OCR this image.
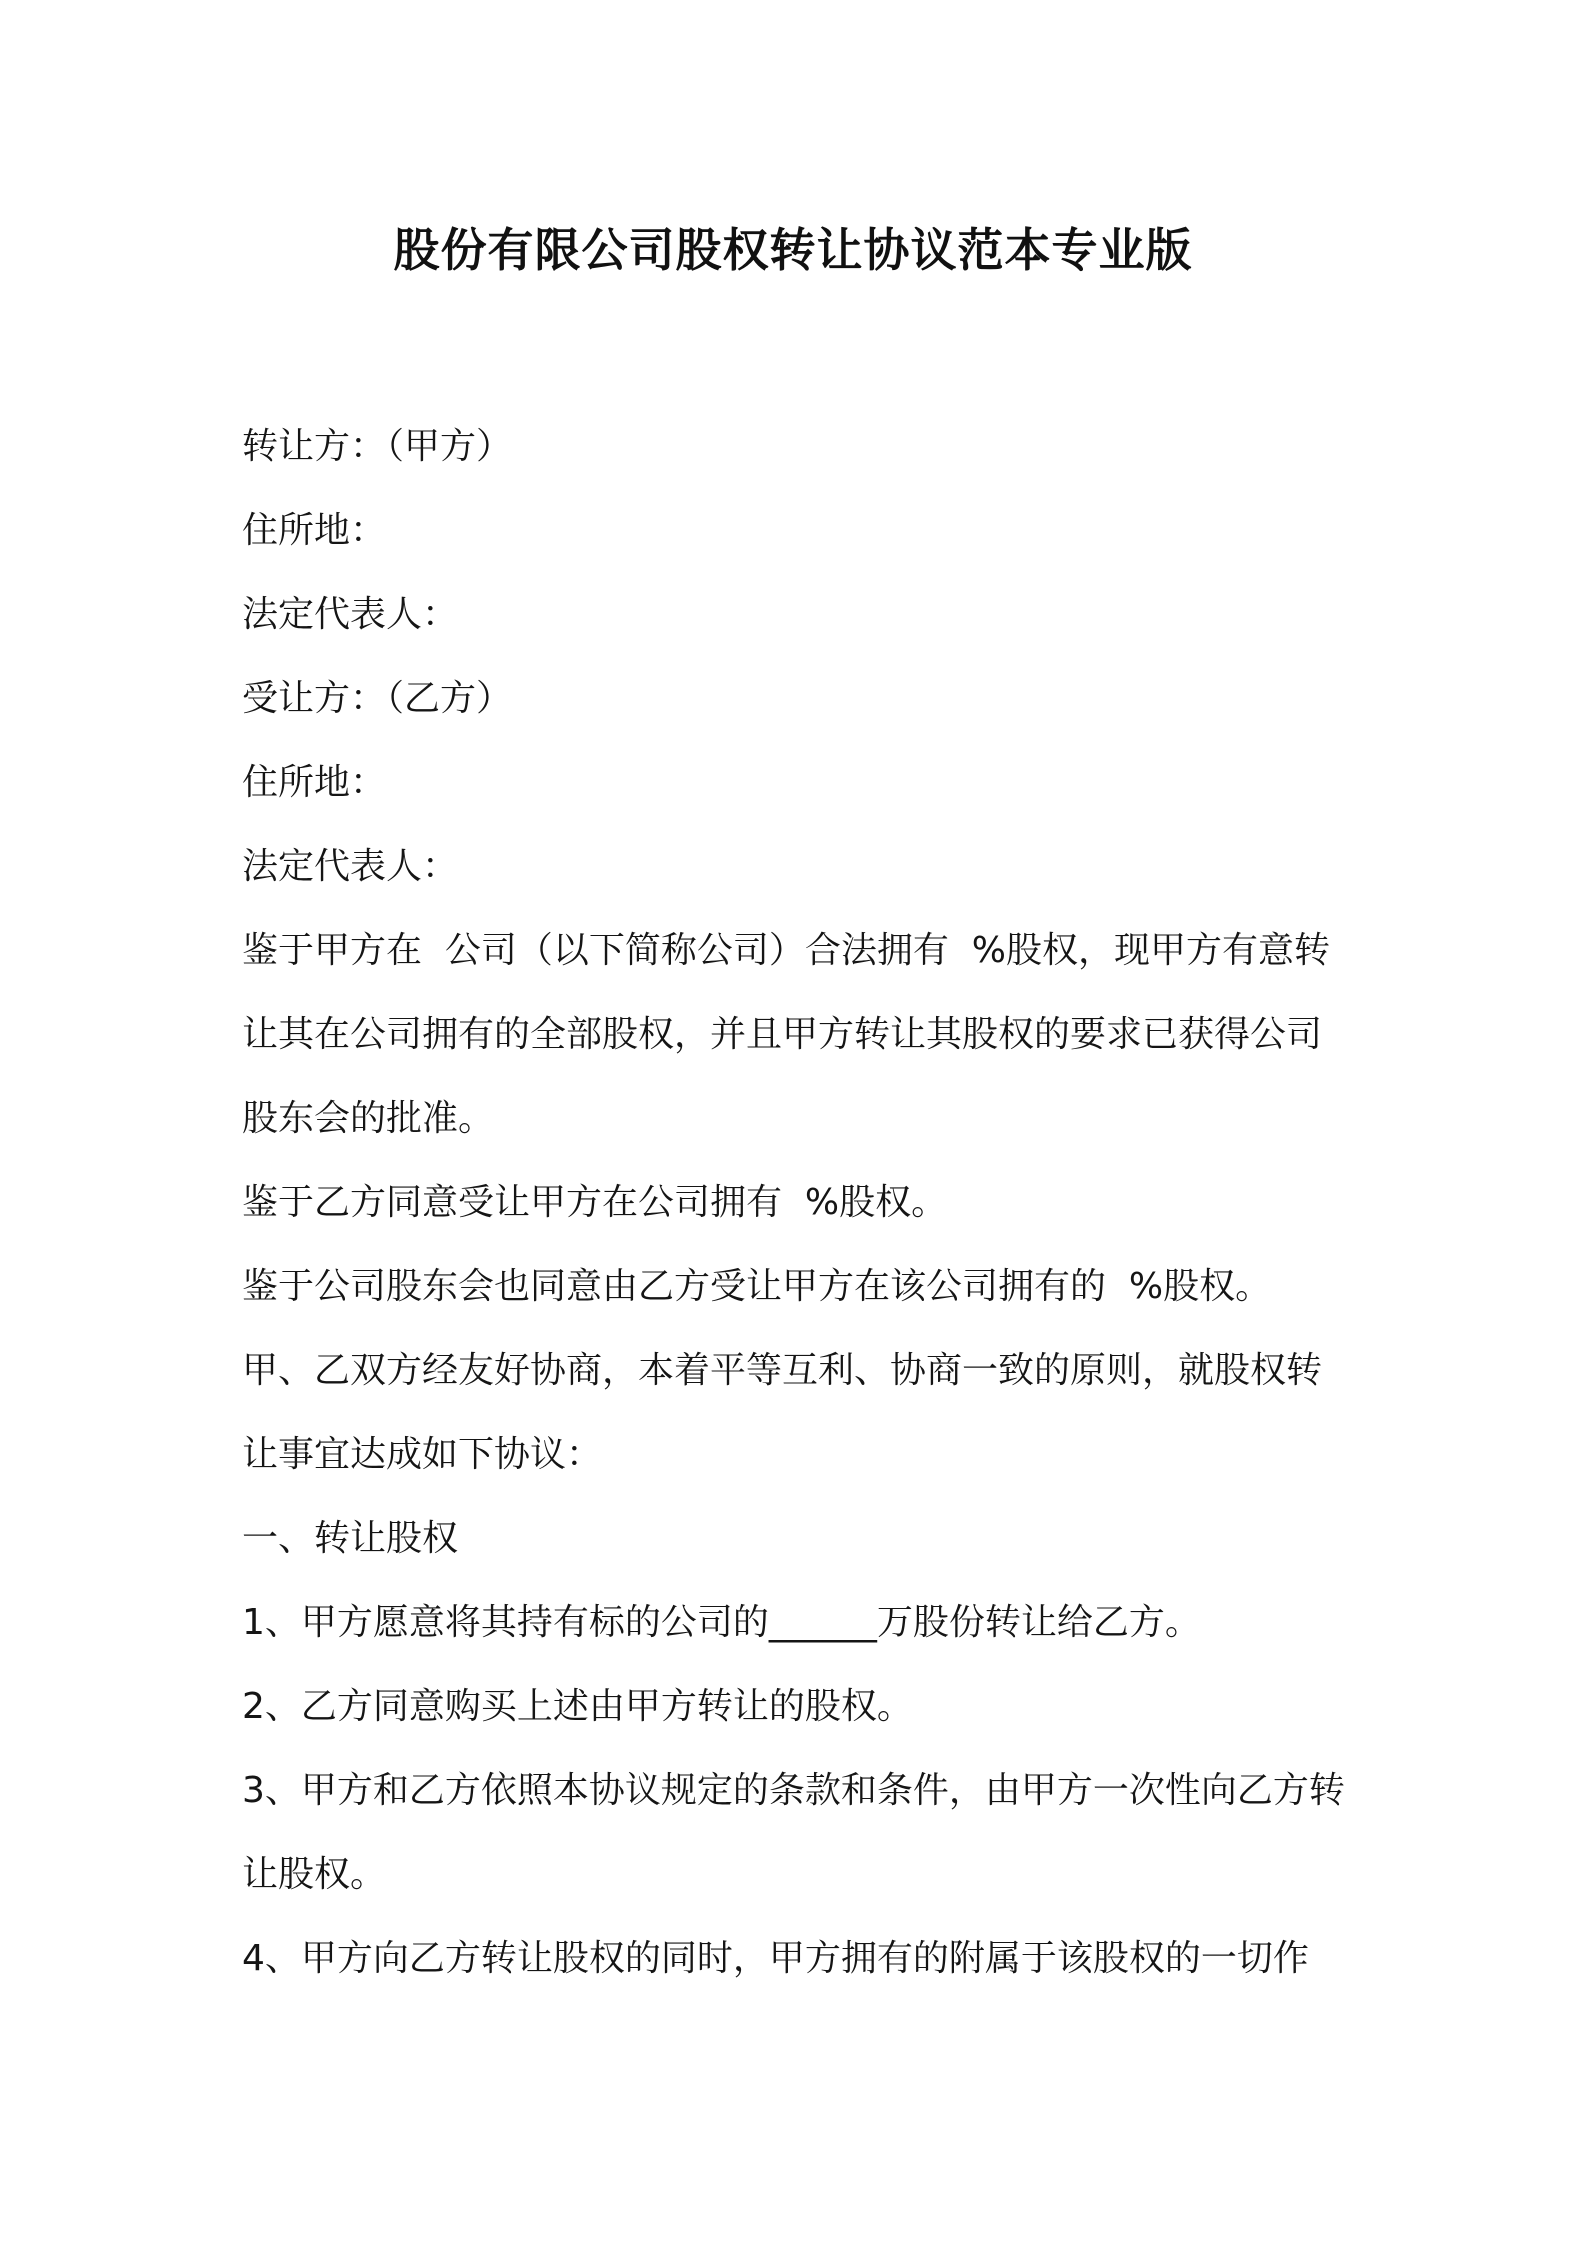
股份有限公司股权转让协议范本专业版

转让方：（甲方）

住所地：

法定代表人：

受让方：（乙方）

住所地：

法定代表人：

鉴于甲方在  公司（以下简称公司）合法拥有  %股权，现甲方有意转让其在公司拥有的全部股权，并且甲方转让其股权的要求已获得公司股东会的批准。

鉴于乙方同意受让甲方在公司拥有  %股权。

鉴于公司股东会也同意由乙方受让甲方在该公司拥有的  %股权。

甲、乙双方经友好协商，本着平等互利、协商一致的原则，就股权转让事宜达成如下协议：

一、转让股权

1、甲方愿意将其持有标的公司的______万股份转让给乙方。

2、乙方同意购买上述由甲方转让的股权。

3、甲方和乙方依照本协议规定的条款和条件，由甲方一次性向乙方转让股权。

4、甲方向乙方转让股权的同时，甲方拥有的附属于该股权的一切作
